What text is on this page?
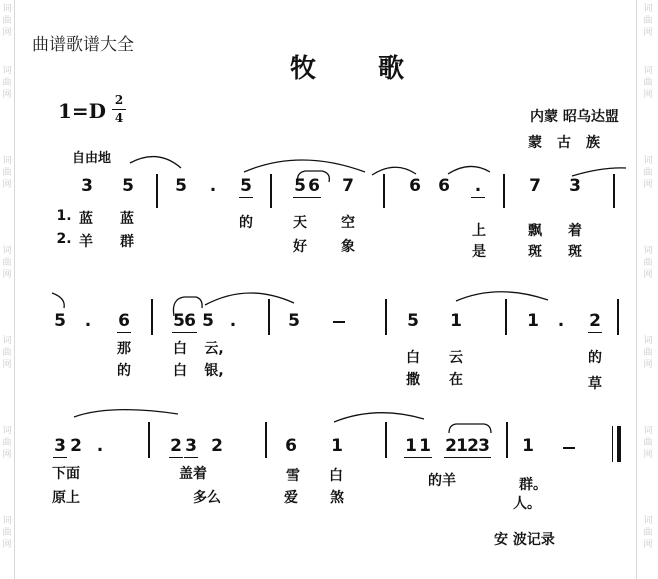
词
曲
网
词
曲
网
词
曲
网
词
曲
网
词
曲
网
词
曲
网
词
曲
网
词
曲
网
词
曲
网
词
曲
网
词
曲
网
词
曲
网
词
曲
网
词
曲
网
曲谱歌谱大全
牧　歌
1=D 2
4	内蒙 昭乌达盟
蒙古族
自由地
3 5 5	.	5 5 6 7	6 6	.	7 3
1. 蓝	蓝	的	天	空	上	飘	着
2. 羊	群	好	象	是	斑	斑
5	.	6	5 6 5 .	5	5 1	1	.	2
那	白	云,
白	云	的
的	白	银,
撒	在	草
3 2 .	2 3 2	6 1	1 1 2 1 2 3 1
下面	盖着	雪	白	的羊	群。
原上	多么	爱	煞	人。
安 波记录
